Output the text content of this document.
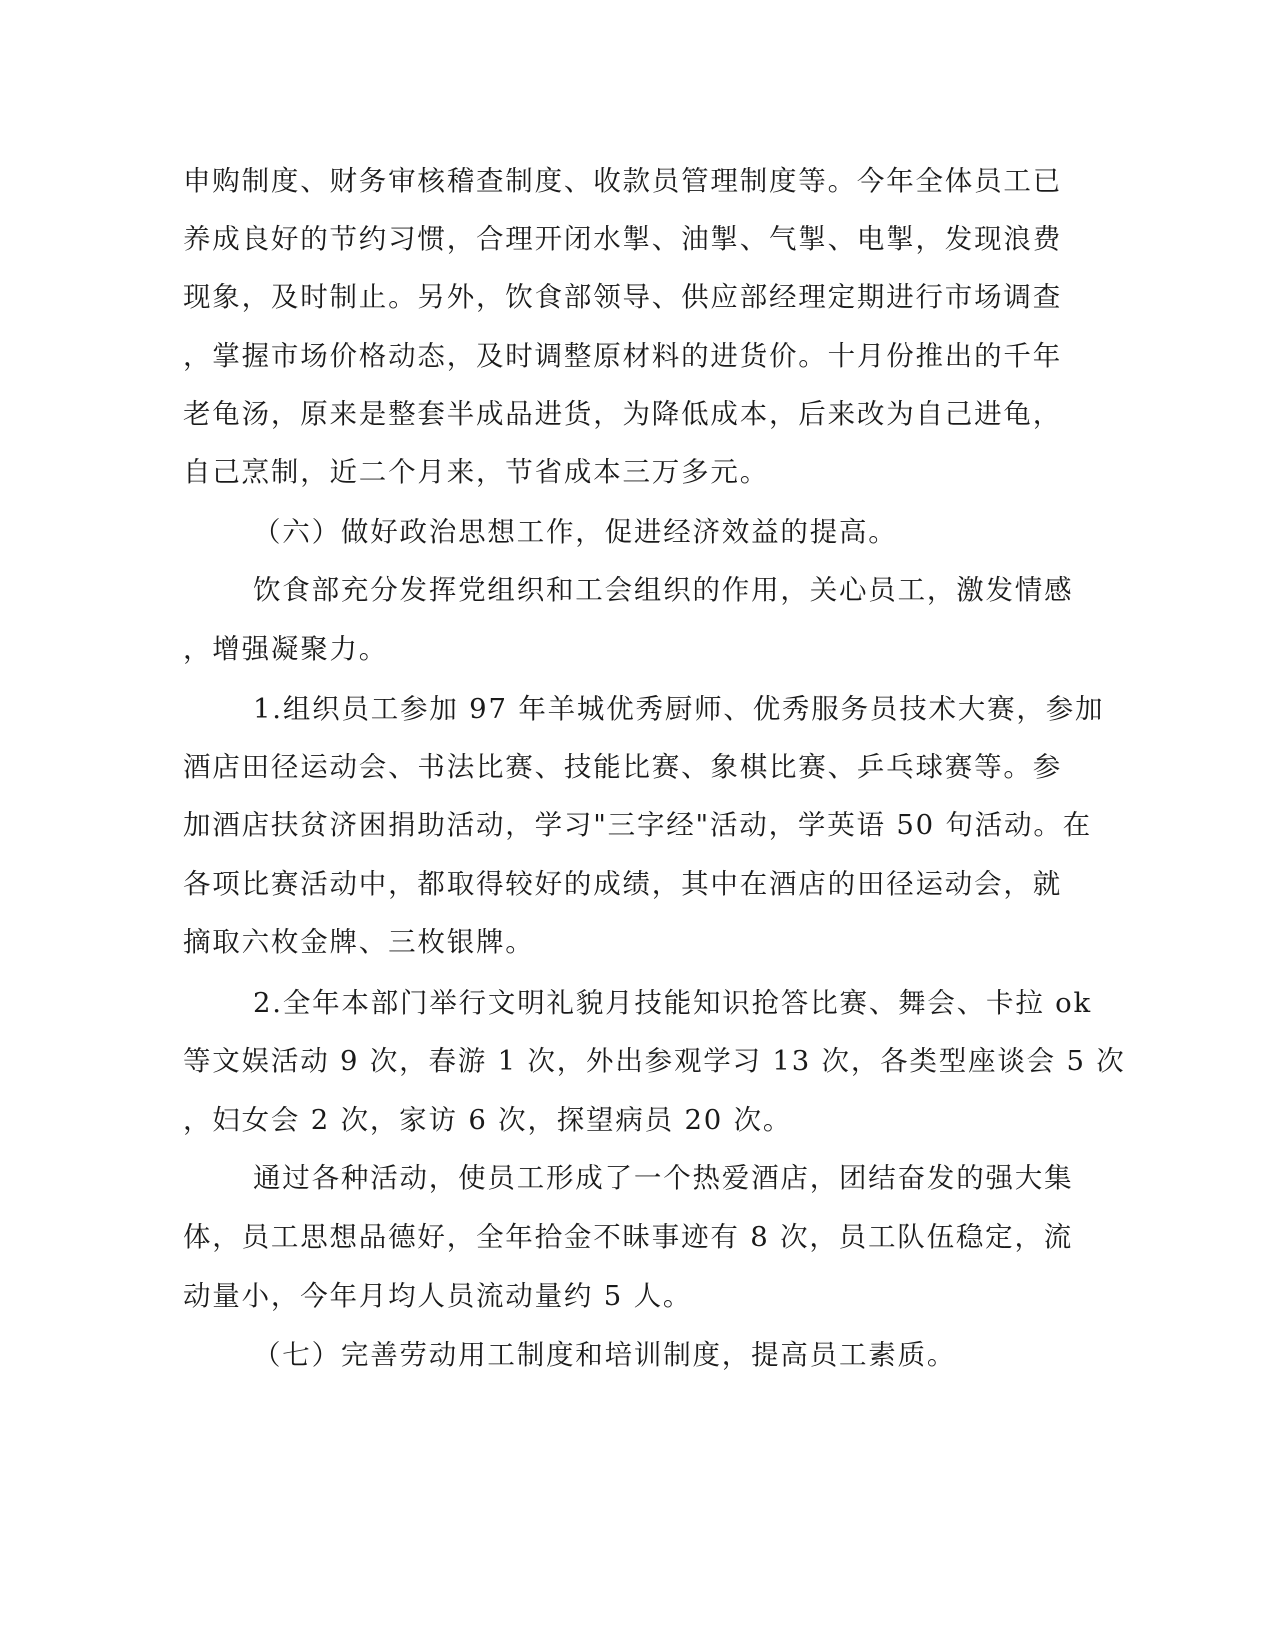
申购制度、财务审核稽查制度、收款员管理制度等。今年全体员工已
养成良好的节约习惯，合理开闭水掣、油掣、气掣、电掣，发现浪费
现象，及时制止。另外，饮食部领导、供应部经理定期进行市场调查
，掌握市场价格动态，及时调整原材料的进货价。十月份推出的千年
老龟汤，原来是整套半成品进货，为降低成本，后来改为自己进龟，
自己烹制，近二个月来，节省成本三万多元。
（六）做好政治思想工作，促进经济效益的提高。
饮食部充分发挥党组织和工会组织的作用，关心员工，激发情感
，增强凝聚力。
1.组织员工参加 97 年羊城优秀厨师、优秀服务员技术大赛，参加
酒店田径运动会、书法比赛、技能比赛、象棋比赛、乒乓球赛等。参
加酒店扶贫济困捐助活动，学习"三字经"活动，学英语 50 句活动。在
各项比赛活动中，都取得较好的成绩，其中在酒店的田径运动会，就
摘取六枚金牌、三枚银牌。
2.全年本部门举行文明礼貌月技能知识抢答比赛、舞会、卡拉 ok
等文娱活动 9 次，春游 1 次，外出参观学习 13 次，各类型座谈会 5 次
，妇女会 2 次，家访 6 次，探望病员 20 次。
通过各种活动，使员工形成了一个热爱酒店，团结奋发的强大集
体，员工思想品德好，全年拾金不昧事迹有 8 次，员工队伍稳定，流
动量小，今年月均人员流动量约 5 人。
（七）完善劳动用工制度和培训制度，提高员工素质。
